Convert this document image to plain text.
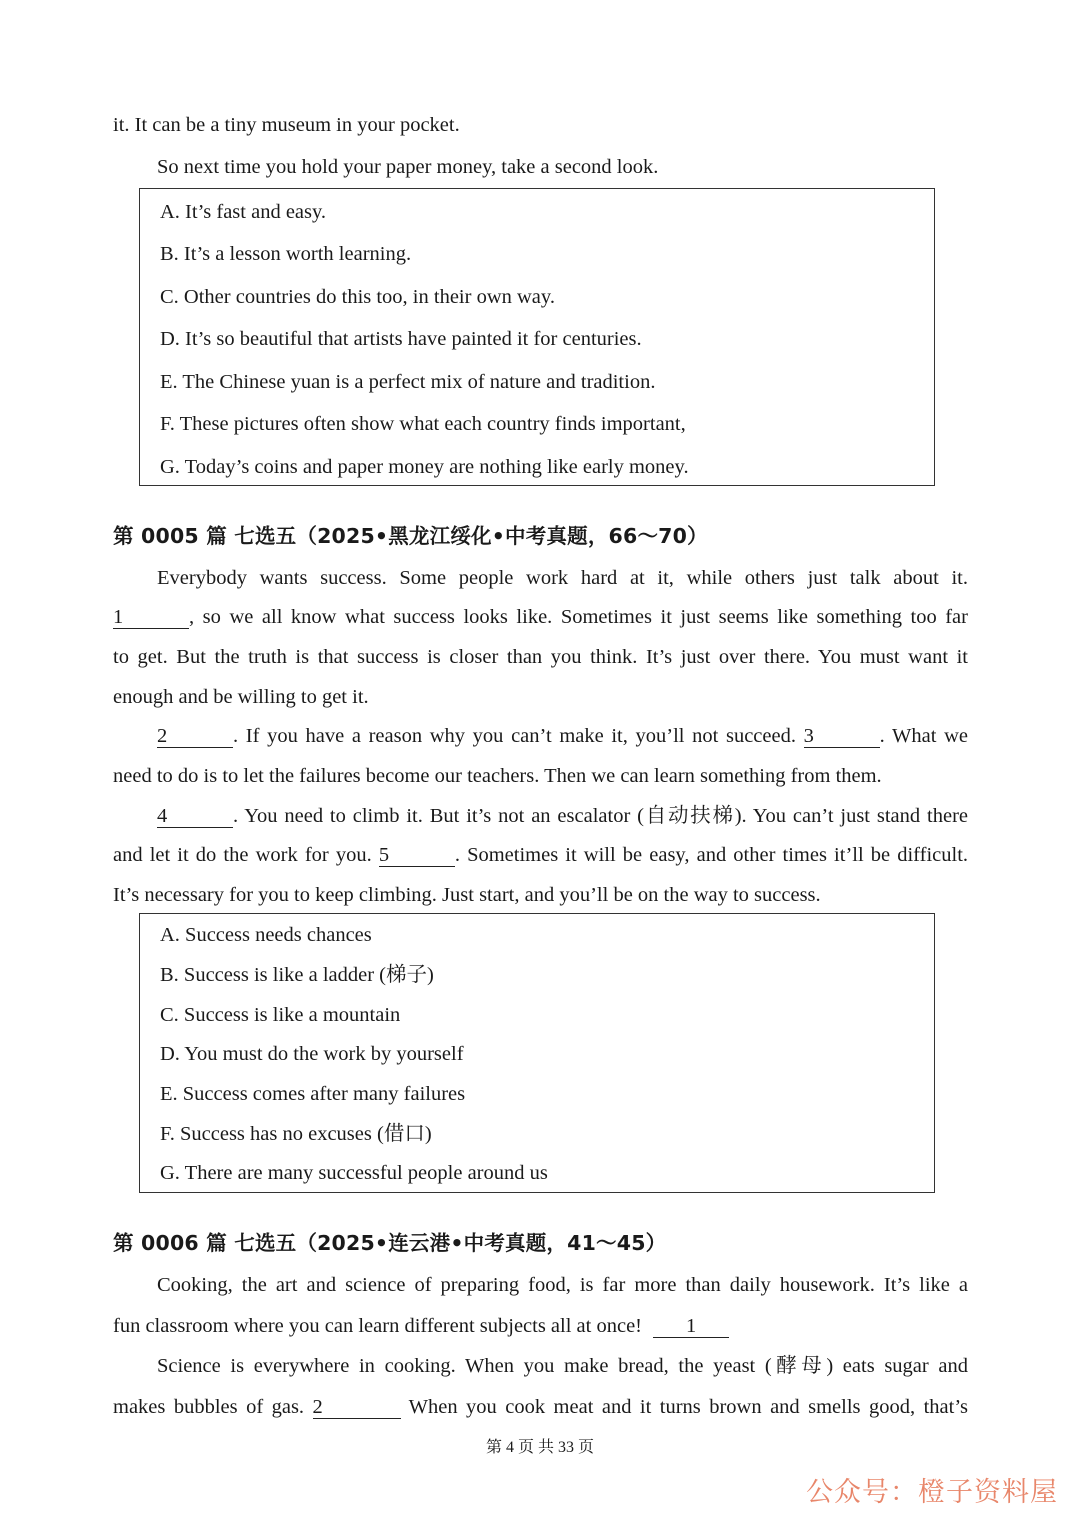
it. It can be a tiny museum in your pocket.
So next time you hold your paper money, take a second look.
A. It’s fast and easy.
B. It’s a lesson worth learning.
C. Other countries do this too, in their own way.
D. It’s so beautiful that artists have painted it for centuries.
E. The Chinese yuan is a perfect mix of nature and tradition.
F. These pictures often show what each country finds important,
G. Today’s coins and paper money are nothing like early money.
第 0005 篇 七选五（2025•黑龙江绥化•中考真题，66～70）
Everybody wants success. Some people work hard at it, while others just talk about it.
1	, so we all know what success looks like. Sometimes it just seems like something too far
to get. But the truth is that success is closer than you think. It’s just over there. You must want it
enough and be willing to get it.
2	. If you have a reason why you can’t make it, you’ll not succeed. 3	. What we
need to do is to let the failures become our teachers. Then we can learn something from them.
4	. You need to climb it. But it’s not an escalator (自动扶梯). You can’t just stand there
and let it do the work for you. 5	. Sometimes it will be easy, and other times it’ll be difficult.
It’s necessary for you to keep climbing. Just start, and you’ll be on the way to success.
A. Success needs chances
B. Success is like a ladder (梯子)
C. Success is like a mountain
D. You must do the work by yourself
E. Success comes after many failures
F. Success has no excuses (借口)
G. There are many successful people around us
第 0006 篇 七选五（2025•连云港•中考真题，41～45）
Cooking, the art and science of preparing food, is far more than daily housework. It’s like a
fun classroom where you can learn different subjects all at once! 1
Science is everywhere in cooking. When you make bread, the yeast (酵母) eats sugar and
makes bubbles of gas. 2	When you cook meat and it turns brown and smells good, that’s
第 4 页 共 33 页
公众号：橙子资料屋
